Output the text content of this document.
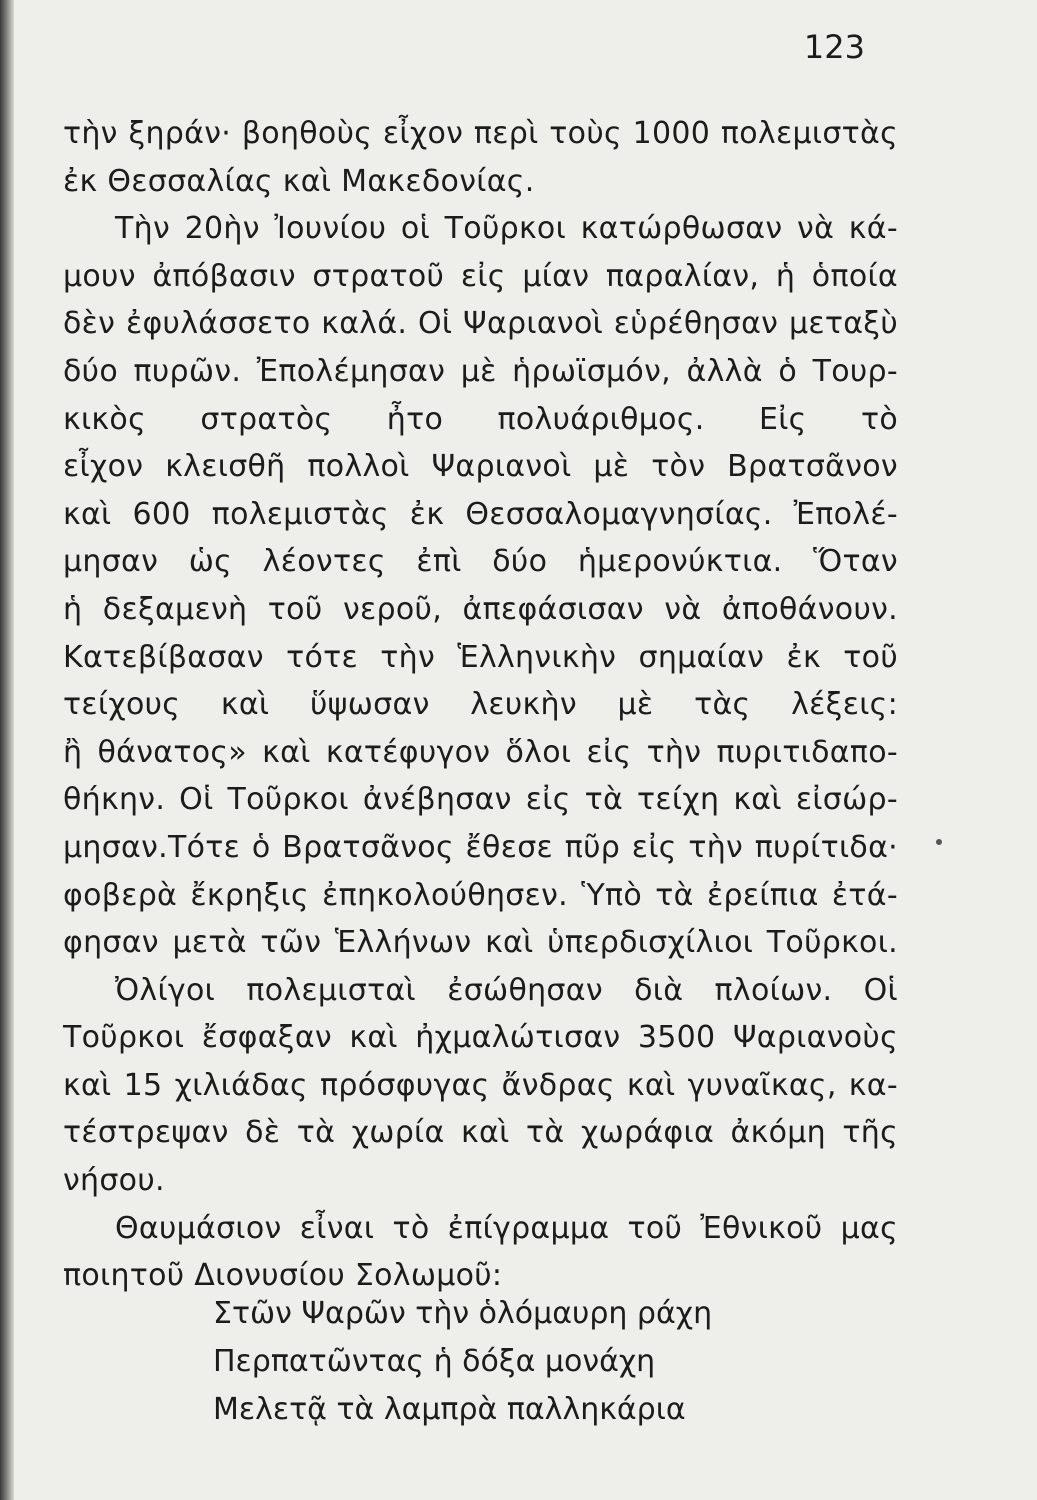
123
τὴν ξηράν· βοηθοὺς εἶχον περὶ τοὺς 1000 πολεμιστὰς
ἐκ Θεσσαλίας καὶ Μακεδονίας.
Τὴν 20ὴν Ἰουνίου οἱ Τοῦρκοι κατώρθωσαν νὰ κά-
μουν ἀπόβασιν στρατοῦ εἰς μίαν παραλίαν, ἡ ὁποία
δὲν ἐφυλάσσετο καλά. Οἱ Ψαριανοὶ εὑρέθησαν μεταξὺ
δύο πυρῶν. Ἐπολέμησαν μὲ ἡρωϊσμόν, ἀλλὰ ὁ Τουρ-
κικὸς στρατὸς ἦτο πολυάριθμος. Εἰς τὸ
εἶχον κλεισθῆ πολλοὶ Ψαριανοὶ μὲ τὸν Βρατσᾶνον
καὶ 600 πολεμιστὰς ἐκ Θεσσαλομαγνησίας. Ἐπολέ-
μησαν ὡς λέοντες ἐπὶ δύο ἡμερονύκτια. Ὅταν
ἡ δεξαμενὴ τοῦ νεροῦ, ἀπεφάσισαν νὰ ἀποθάνουν.
Κατεβίβασαν τότε τὴν Ἑλληνικὴν σημαίαν ἐκ τοῦ
τείχους καὶ ὕψωσαν λευκὴν μὲ τὰς λέξεις:
ἢ θάνατος» καὶ κατέφυγον ὅλοι εἰς τὴν πυριτιδαπο-
θήκην. Οἱ Τοῦρκοι ἀνέβησαν εἰς τὰ τείχη καὶ εἰσώρ-
μησαν.Τότε ὁ Βρατσᾶνος ἔθεσε πῦρ εἰς τὴν πυρίτιδα·
φοβερὰ ἔκρηξις ἐπηκολούθησεν. Ὑπὸ τὰ ἐρείπια ἐτά-
φησαν μετὰ τῶν Ἑλλήνων καὶ ὑπερδισχίλιοι Τοῦρκοι.
Ὀλίγοι πολεμισταὶ ἐσώθησαν διὰ πλοίων. Οἱ
Τοῦρκοι ἔσφαξαν καὶ ἠχμαλώτισαν 3500 Ψαριανοὺς
καὶ 15 χιλιάδας πρόσφυγας ἄνδρας καὶ γυναῖκας, κα-
τέστρεψαν δὲ τὰ χωρία καὶ τὰ χωράφια ἀκόμη τῆς
νήσου.
Θαυμάσιον εἶναι τὸ ἐπίγραμμα τοῦ Ἐθνικοῦ μας
ποιητοῦ Διονυσίου Σολωμοῦ:
Στῶν Ψαρῶν τὴν ὁλόμαυρη ράχη
Περπατῶντας ἡ δόξα μονάχη
Μελετᾷ τὰ λαμπρὰ παλληκάρια
